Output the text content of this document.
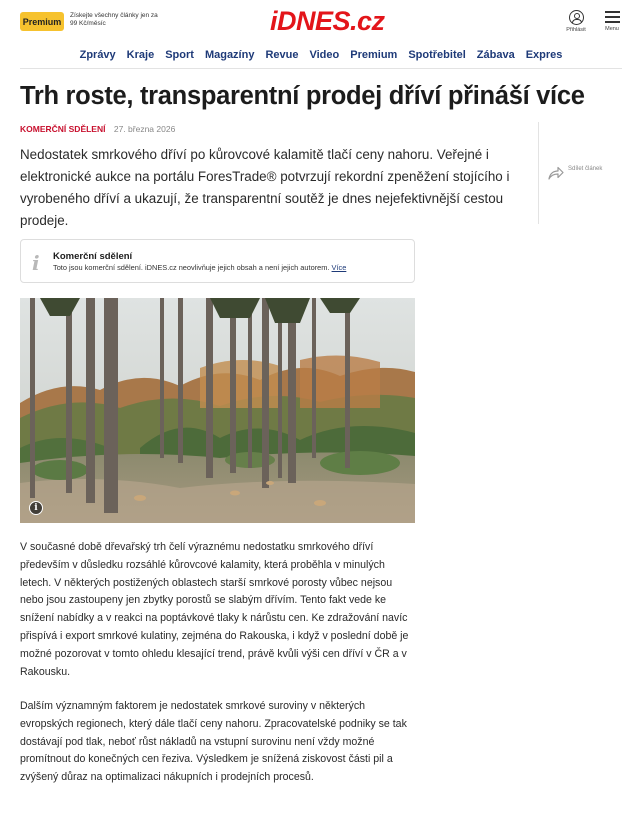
Premium
Získejte všechny články jen za 99 Kč/měsíc	iDNES.cz	Přihlásit	Menu
Zprávy	Kraje	Sport	Magazíny	Revue	Video	Premium	Spotřebitel	Zábava	Expres
Trh roste, transparentní prodej dříví přináší více
KOMERČNÍ SDĚLENÍ 27. března 2026
Sdílet článek

Nedostatek smrkového dříví po kůrovcové kalamitě tlačí ceny nahoru. Veřejné i elektronické aukce na portálu ForesTrade® potvrzují rekordní zpeněžení stojícího i vyrobeného dříví a ukazují, že transparentní soutěž je dnes nejefektivnější cestou prodeje.

i Komerční sdělení
Toto jsou komerční sdělení. iDNES.cz neovlivňuje jejich obsah a není jejich autorem. Více
i

V současné době dřevařský trh čelí výraznému nedostatku smrkového dříví především v důsledku rozsáhlé kůrovcové kalamity, která proběhla v minulých letech. V některých postižených oblastech starší smrkové porosty vůbec nejsou nebo jsou zastoupeny jen zbytky porostů se slabým dřívím. Tento fakt vede ke snížení nabídky a v reakci na poptávkové tlaky k nárůstu cen. Ke zdražování navíc přispívá i export smrkové kulatiny, zejména do Rakouska, i když v poslední době je možné pozorovat v tomto ohledu klesající trend, právě kvůli výši cen dříví v ČR a v Rakousku.

Dalším významným faktorem je nedostatek smrkové suroviny v některých evropských regionech, který dále tlačí ceny nahoru. Zpracovatelské podniky se tak dostávají pod tlak, neboť růst nákladů na vstupní surovinu není vždy možné promítnout do konečných cen řeziva. Výsledkem je snížená ziskovost části pil a zvýšený důraz na optimalizaci nákupních i prodejních procesů.
